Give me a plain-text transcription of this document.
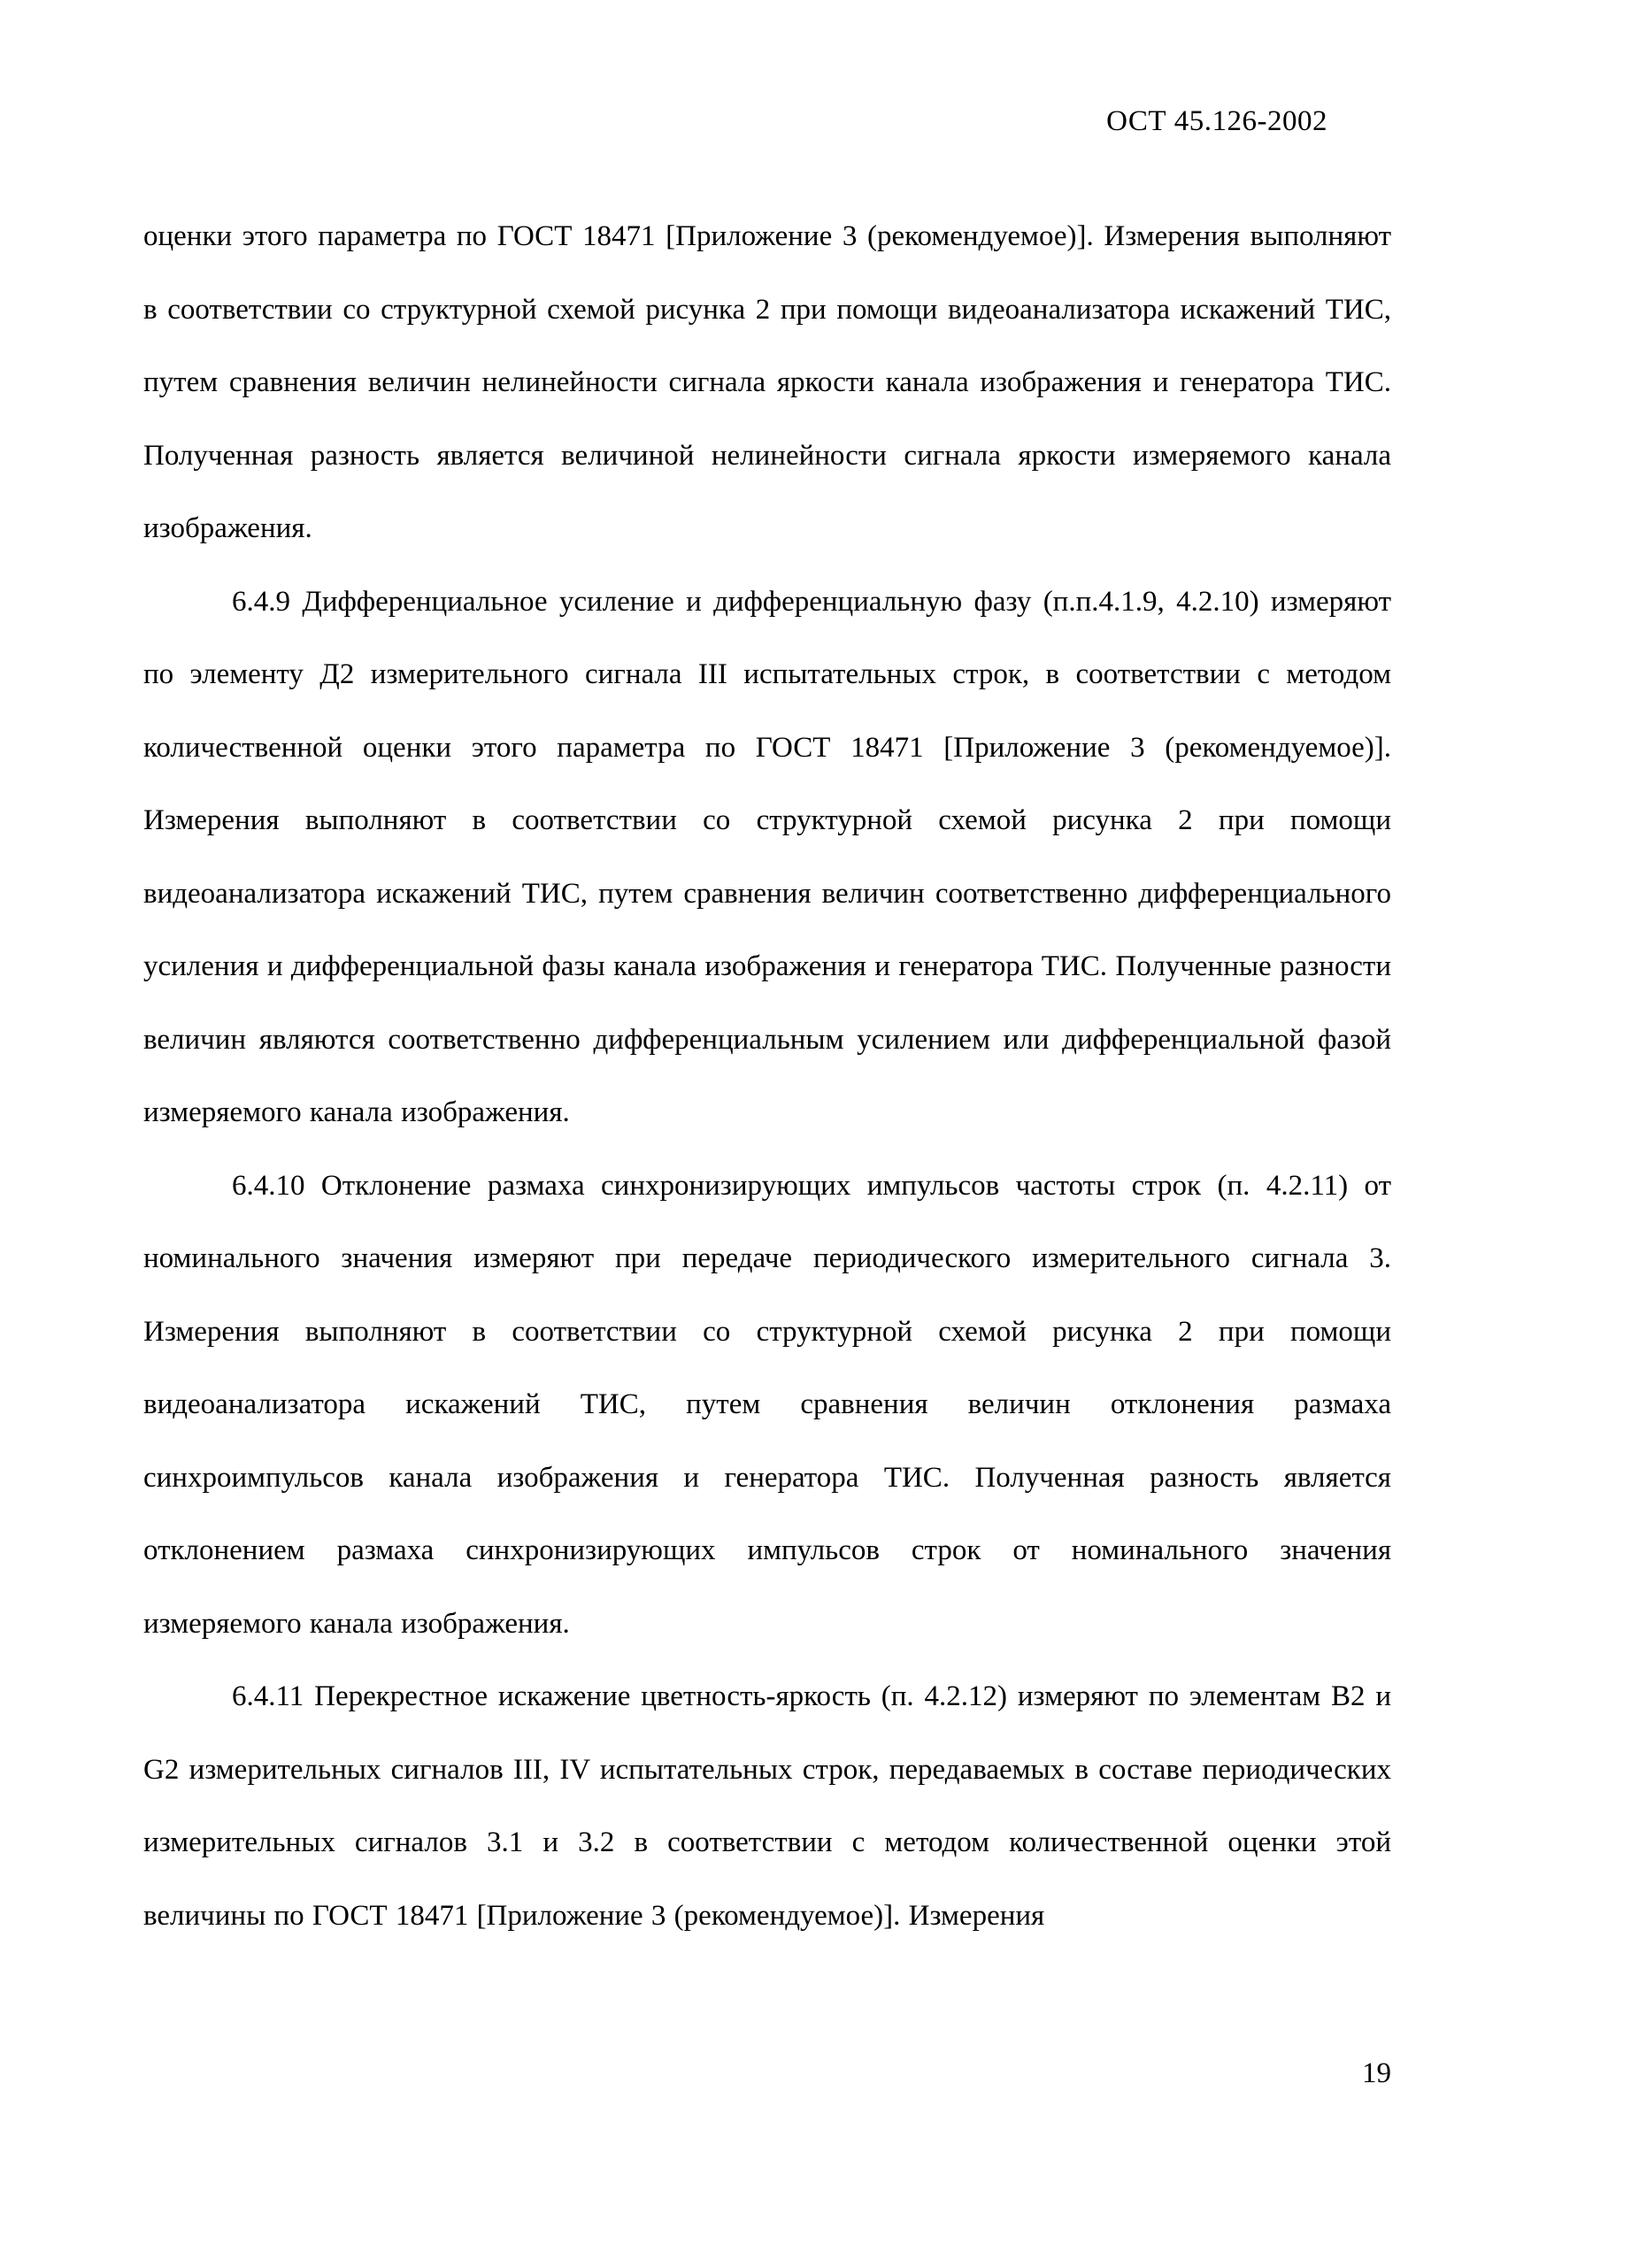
ОСТ 45.126-2002

оценки этого параметра по ГОСТ 18471 [Приложение 3 (рекомендуемое)]. Измерения выполняют в соответствии со структурной схемой рисунка 2 при помощи видеоанализатора искажений ТИС, путем сравнения величин нелинейности сигнала яркости канала изображения и генератора ТИС. Полученная разность является величиной нелинейности сигнала яркости измеряемого канала изображения.

6.4.9 Дифференциальное усиление и дифференциальную фазу (п.п.4.1.9, 4.2.10) измеряют по элементу Д2 измерительного сигнала III испытательных строк, в соответствии с методом количественной оценки этого параметра по ГОСТ 18471 [Приложение 3 (рекомендуемое)]. Измерения выполняют в соответствии со структурной схемой рисунка 2 при помощи видеоанализатора искажений ТИС, путем сравнения величин соответственно дифференциального усиления и дифференциальной фазы канала изображения и генератора ТИС. Полученные разности величин являются соответственно дифференциальным усилением или дифференциальной фазой измеряемого канала изображения.

6.4.10 Отклонение размаха синхронизирующих импульсов частоты строк (п. 4.2.11) от номинального значения измеряют при передаче периодического измерительного сигнала 3. Измерения выполняют в соответствии со структурной схемой рисунка 2 при помощи видеоанализатора искажений ТИС, путем сравнения величин отклонения размаха синхроимпульсов канала изображения и генератора ТИС. Полученная разность является отклонением размаха синхронизирующих импульсов строк от номинального значения измеряемого канала изображения.

6.4.11 Перекрестное искажение цветность-яркость (п. 4.2.12) измеряют по элементам B2 и G2 измерительных сигналов III, IV испытательных строк, передаваемых в составе периодических измерительных сигналов 3.1 и 3.2 в соответствии с методом количественной оценки этой величины по ГОСТ 18471 [Приложение 3 (рекомендуемое)]. Измерения

19
